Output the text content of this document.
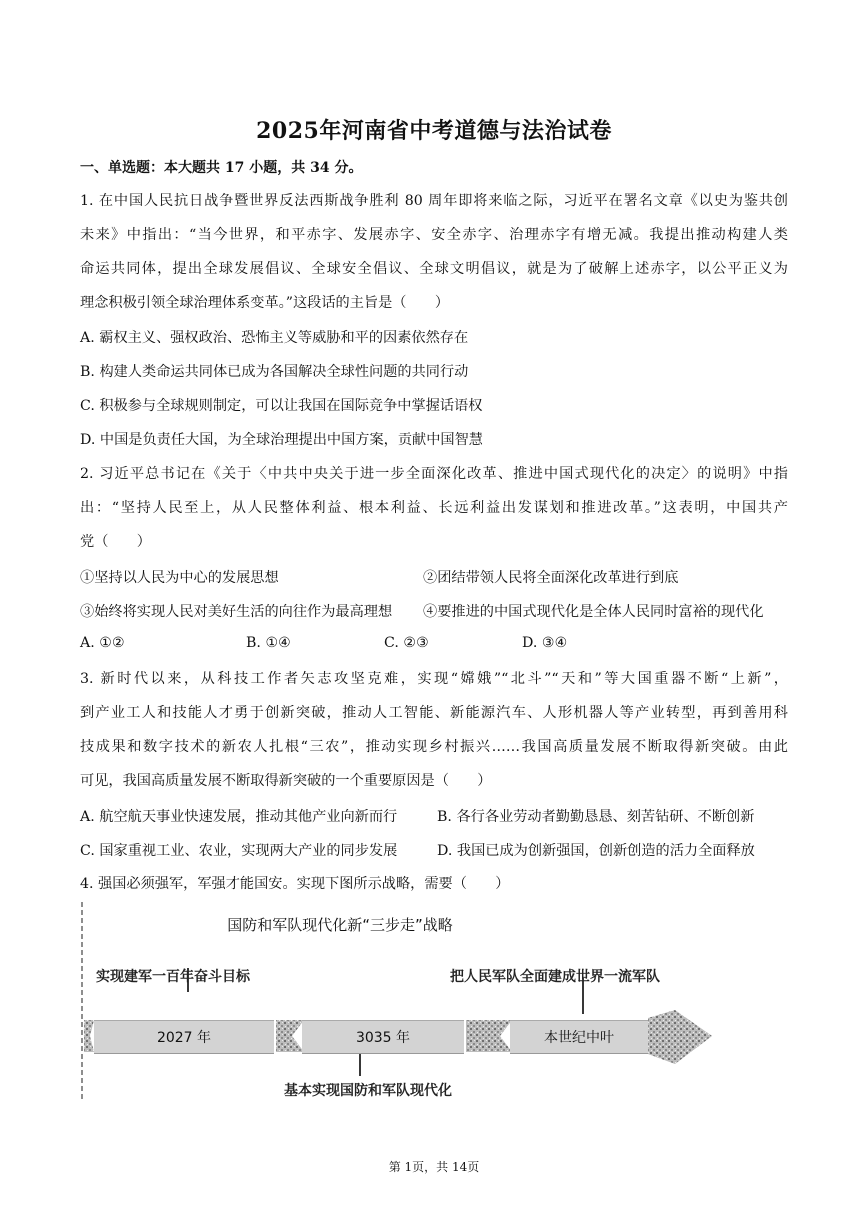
2025年河南省中考道德与法治试卷
一、单选题：本大题共 17 小题，共 34 分。
1. 在中国人民抗日战争暨世界反法西斯战争胜利 80 周年即将来临之际，习近平在署名文章《以史为鉴共创
未来》中指出：“当今世界，和平赤字、发展赤字、安全赤字、治理赤字有增无减。我提出推动构建人类
命运共同体，提出全球发展倡议、全球安全倡议、全球文明倡议，就是为了破解上述赤字，以公平正义为
理念积极引领全球治理体系变革。”这段话的主旨是（　　）
A. 霸权主义、强权政治、恐怖主义等威胁和平的因素依然存在
B. 构建人类命运共同体已成为各国解决全球性问题的共同行动
C. 积极参与全球规则制定，可以让我国在国际竞争中掌握话语权
D. 中国是负责任大国，为全球治理提出中国方案，贡献中国智慧
2. 习近平总书记在《关于〈中共中央关于进一步全面深化改革、推进中国式现代化的决定〉的说明》中指
出：“坚持人民至上，从人民整体利益、根本利益、长远利益出发谋划和推进改革。”这表明，中国共产
党（　　）
①坚持以人民为中心的发展思想	②团结带领人民将全面深化改革进行到底
③始终将实现人民对美好生活的向往作为最高理想 ④要推进的中国式现代化是全体人民同时富裕的现代化
A. ①②	B. ①④	C. ②③	D. ③④
3. 新时代以来，从科技工作者矢志攻坚克难，实现“嫦娥”“北斗”“天和”等大国重器不断“上新”，
到产业工人和技能人才勇于创新突破，推动人工智能、新能源汽车、人形机器人等产业转型，再到善用科
技成果和数字技术的新农人扎根“三农”，推动实现乡村振兴……我国高质量发展不断取得新突破。由此
可见，我国高质量发展不断取得新突破的一个重要原因是（　　）
A. 航空航天事业快速发展，推动其他产业向新而行	B. 各行各业劳动者勤勤恳恳、刻苦钻研、不断创新
C. 国家重视工业、农业，实现两大产业的同步发展	D. 我国已成为创新强国，创新创造的活力全面释放
4. 强国必须强军，军强才能国安。实现下图所示战略，需要（　　）
国防和军队现代化新“三步走”战略
实现建军一百年奋斗目标	把人民军队全面建成世界一流军队
基本实现国防和军队现代化
2027 年	3035 年	本世纪中叶
第 1页，共 14页
